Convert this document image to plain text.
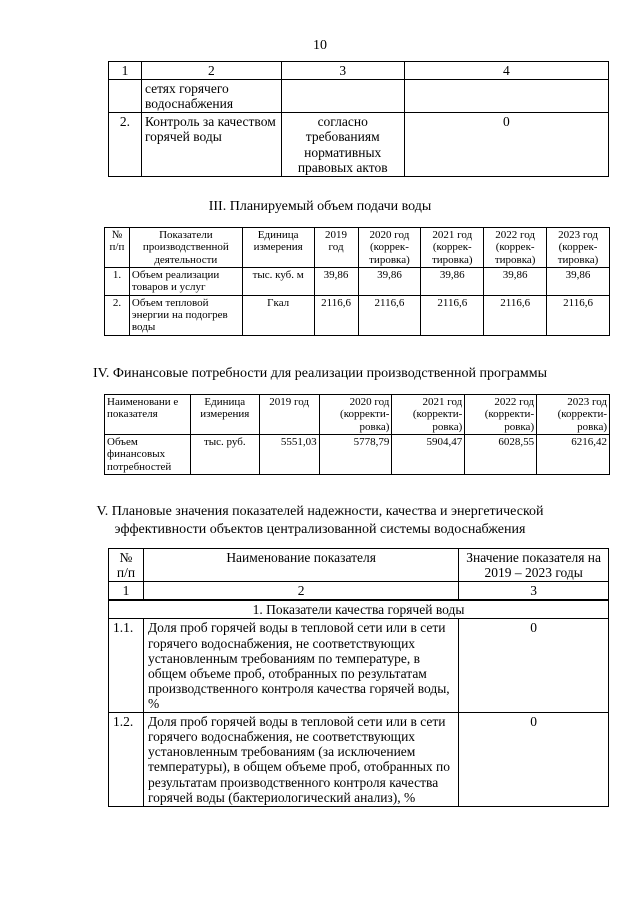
10
1	2	3	4
	сетях горячего водоснабжения		
2.	Контроль за качеством горячей воды	согласно требованиям нормативных правовых актов	0
III. Планируемый объем подачи воды
№ п/п	Показатели производственной деятельности	Единица измерения	2019 год	2020 год (коррек-тировка)	2021 год (коррек-тировка)	2022 год (коррек-тировка)	2023 год (коррек-тировка)
1.	Объем реализации товаров и услуг	тыс. куб. м	39,86	39,86	39,86	39,86	39,86
2.	Объем тепловой энергии на подогрев воды	Гкал	2116,6	2116,6	2116,6	2116,6	2116,6
IV. Финансовые потребности для реализации производственной программы
Наименовани е показателя	Единица измерения	2019 год	2020 год (корректи-ровка)	2021 год (корректи-ровка)	2022 год (корректи-ровка)	2023 год (корректи-ровка)
Объем финансовых потребностей	тыс. руб.	5551,03	5778,79	5904,47	6028,55	6216,42
V. Плановые значения показателей надежности, качества и энергетической
эффективности объектов централизованной системы водоснабжения
№ п/п	Наименование показателя	Значение показателя на 2019 – 2023 годы
1	2	3
1. Показатели качества горячей воды		
1.1.	Доля проб горячей воды в тепловой сети или в сети горячего водоснабжения, не соответствующих установленным требованиям по температуре, в общем объеме проб, отобранных по результатам производственного контроля качества горячей воды, %	0
1.2.	Доля проб горячей воды в тепловой сети или в сети горячего водоснабжения, не соответствующих установленным требованиям (за исключением температуры), в общем объеме проб, отобранных по результатам производственного контроля качества горячей воды (бактериологический анализ), %	0
